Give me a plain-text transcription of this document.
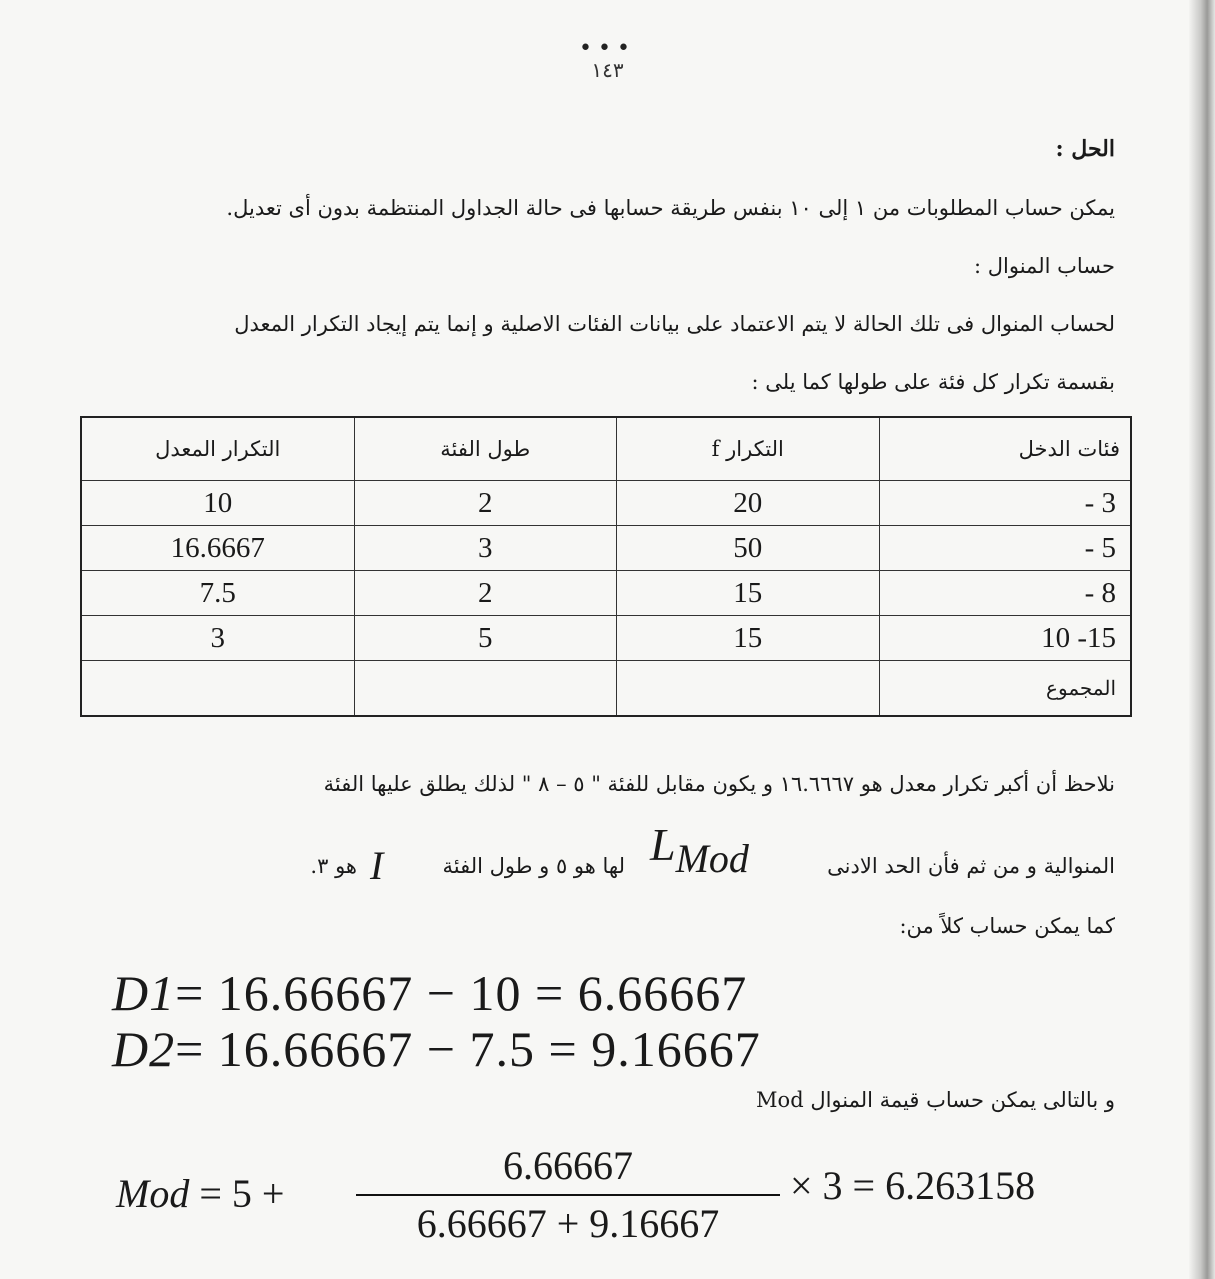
•••
١٤٣
الحل :
يمكن حساب المطلوبات من ١ إلى ١٠ بنفس طريقة حسابها فى حالة الجداول المنتظمة بدون أى تعديل.
حساب المنوال :
لحساب المنوال فى تلك الحالة لا يتم الاعتماد على بيانات الفئات الاصلية و إنما يتم إيجاد التكرار المعدل
بقسمة تكرار كل فئة على طولها كما يلى :
فئات الدخل	التكرار f	طول الفئة	التكرار المعدل
3 -	20	2	10
5 -	50	3	16.6667
8 -	15	2	7.5
15- 10	15	5	3
المجموع			
نلاحظ أن أكبر تكرار معدل هو ١٦.٦٦٦٧ و يكون مقابل للفئة " ٥ – ٨ " لذلك يطلق عليها الفئة
المنوالية و من ثم فأن الحد الادنى
$L_{Mod}$
لها هو ٥ و طول الفئة
I
هو ٣.
كما يمكن حساب كلاً من:
D1= 16.66667 − 10 = 6.66667
D2= 16.66667 − 7.5 = 9.16667
و بالتالى يمكن حساب قيمة المنوال Mod
Mod = 5 +
6.66667
6.66667 + 9.16667
× 3 = 6.263158
